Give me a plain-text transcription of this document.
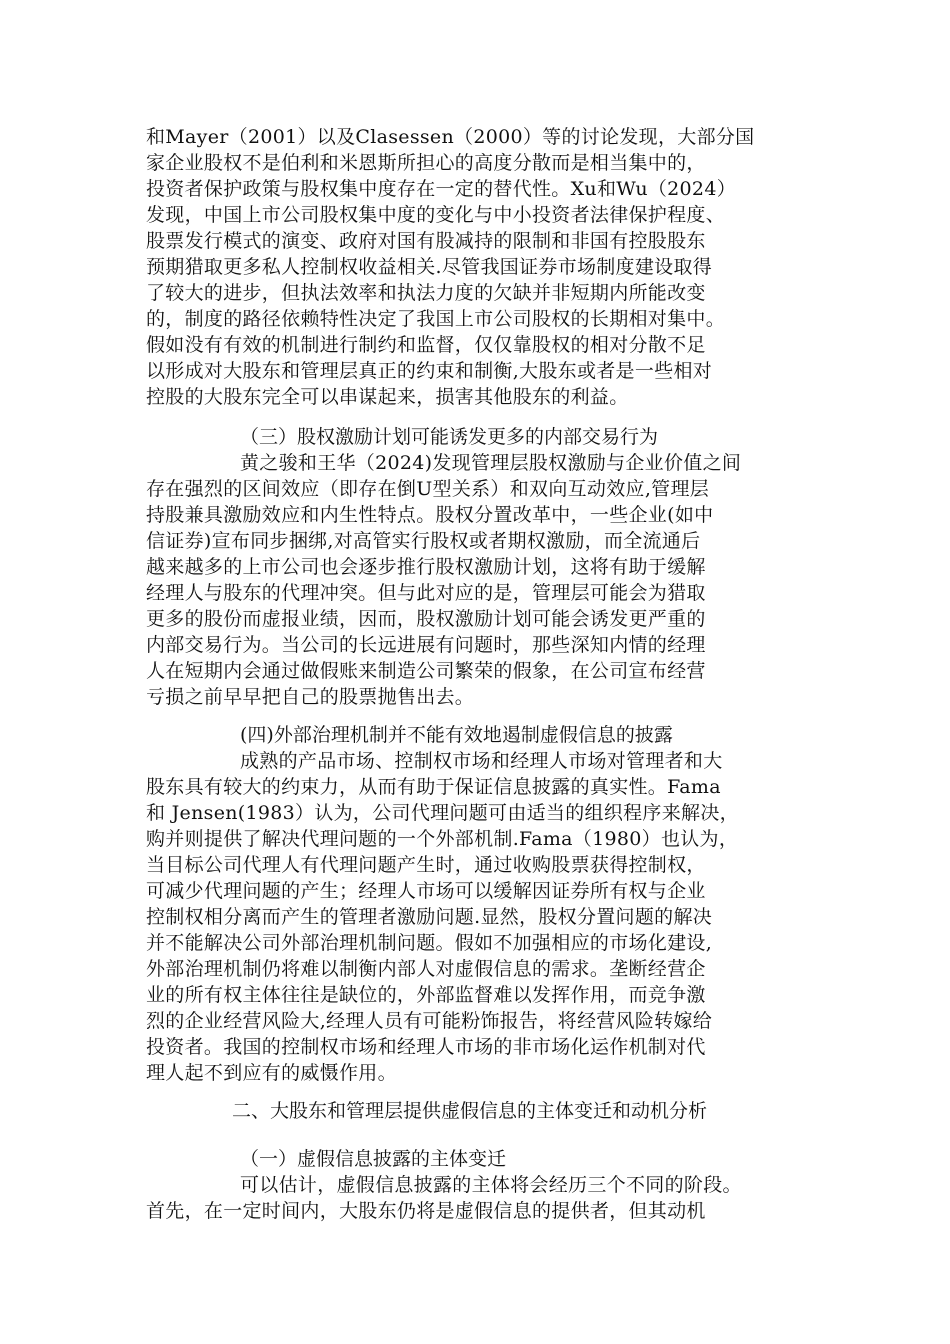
和Mayer（2001）以及Clasessen（2000）等的讨论发现，大部分国
家企业股权不是伯利和米恩斯所担心的高度分散而是相当集中的，
投资者保护政策与股权集中度存在一定的替代性。Xu和Wu（2024）
发现，中国上市公司股权集中度的变化与中小投资者法律保护程度、
股票发行模式的演变、政府对国有股减持的限制和非国有控股股东
预期猎取更多私人控制权收益相关.尽管我国证券市场制度建设取得
了较大的进步，但执法效率和执法力度的欠缺并非短期内所能改变
的，制度的路径依赖特性决定了我国上市公司股权的长期相对集中。
假如没有有效的机制进行制约和监督，仅仅靠股权的相对分散不足
以形成对大股东和管理层真正的约束和制衡,大股东或者是一些相对
控股的大股东完全可以串谋起来，损害其他股东的利益。
（三）股权激励计划可能诱发更多的内部交易行为
黄之骏和王华（2024)发现管理层股权激励与企业价值之间
存在强烈的区间效应（即存在倒U型关系）和双向互动效应,管理层
持股兼具激励效应和内生性特点。股权分置改革中，一些企业(如中
信证券)宣布同步捆绑,对高管实行股权或者期权激励，而全流通后
越来越多的上市公司也会逐步推行股权激励计划，这将有助于缓解
经理人与股东的代理冲突。但与此对应的是，管理层可能会为猎取
更多的股份而虚报业绩，因而，股权激励计划可能会诱发更严重的
内部交易行为。当公司的长远进展有问题时，那些深知内情的经理
人在短期内会通过做假账来制造公司繁荣的假象，在公司宣布经营
亏损之前早早把自己的股票抛售出去。
(四)外部治理机制并不能有效地遏制虚假信息的披露
成熟的产品市场、控制权市场和经理人市场对管理者和大
股东具有较大的约束力，从而有助于保证信息披露的真实性。Fama
和 Jensen(1983）认为，公司代理问题可由适当的组织程序来解决，
购并则提供了解决代理问题的一个外部机制.Fama（1980）也认为，
当目标公司代理人有代理问题产生时，通过收购股票获得控制权，
可减少代理问题的产生；经理人市场可以缓解因证券所有权与企业
控制权相分离而产生的管理者激励问题.显然，股权分置问题的解决
并不能解决公司外部治理机制问题。假如不加强相应的市场化建设,
外部治理机制仍将难以制衡内部人对虚假信息的需求。垄断经营企
业的所有权主体往往是缺位的，外部监督难以发挥作用，而竞争激
烈的企业经营风险大,经理人员有可能粉饰报告，将经营风险转嫁给
投资者。我国的控制权市场和经理人市场的非市场化运作机制对代
理人起不到应有的威慑作用。
二、大股东和管理层提供虚假信息的主体变迁和动机分析
（一）虚假信息披露的主体变迁
可以估计，虚假信息披露的主体将会经历三个不同的阶段。
首先，在一定时间内，大股东仍将是虚假信息的提供者，但其动机
